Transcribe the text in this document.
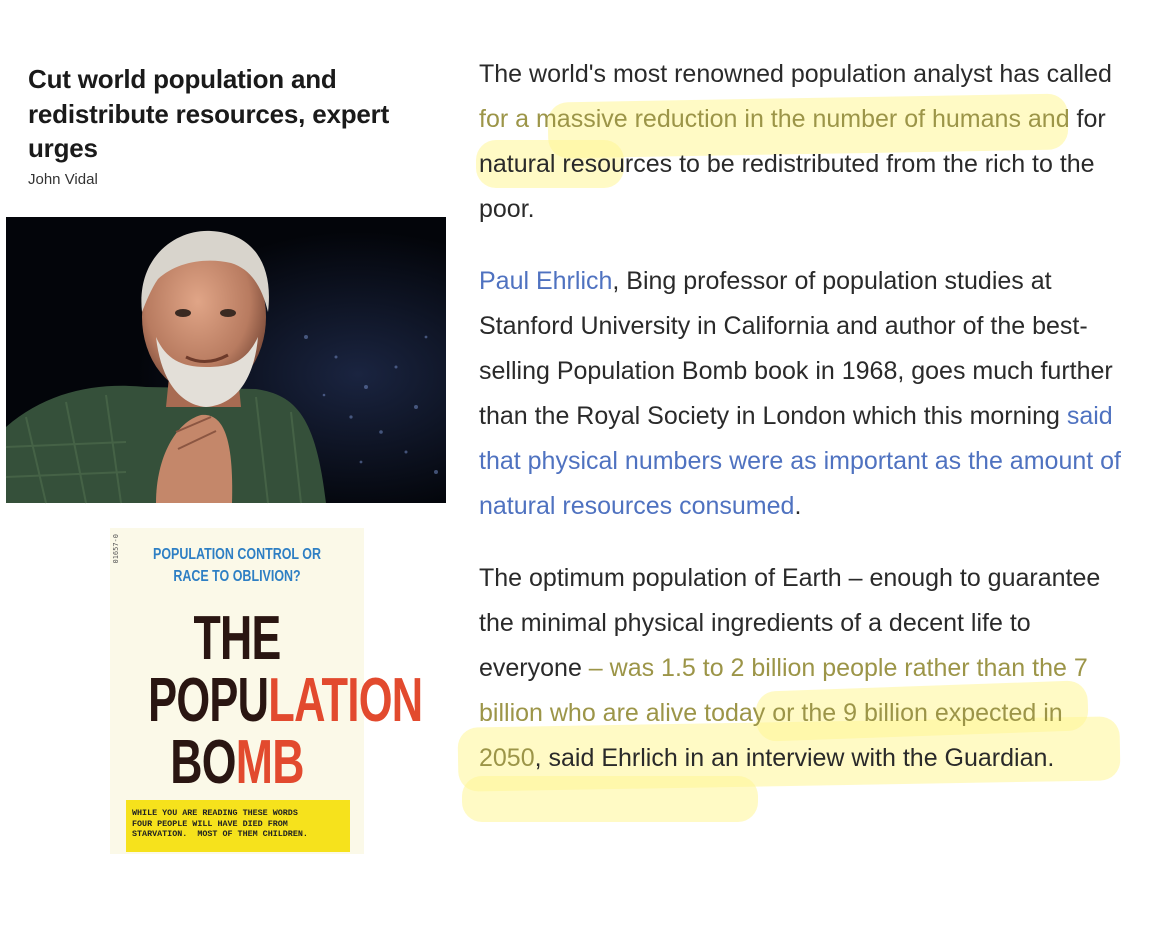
Cut world population and redistribute resources, expert urges
John Vidal
01657-0	POPULATION CONTROL OR
RACE TO OBLIVION?
THE
POPULATION
BOMB
WHILE YOU ARE READING THESE WORDS
FOUR PEOPLE WILL HAVE DIED FROM
STARVATION.  MOST OF THEM CHILDREN.

The world's most renowned population analyst has called for a massive reduction in the number of humans and for natural resources to be redistributed from the rich to the poor.

Paul Ehrlich, Bing professor of population studies at Stanford University in California and author of the best-selling Population Bomb book in 1968, goes much further than the Royal Society in London which this morning said that physical numbers were as important as the amount of natural resources consumed.

The optimum population of Earth – enough to guarantee the minimal physical ingredients of a decent life to everyone – was 1.5 to 2 billion people rather than the 7 billion who are alive today or the 9 billion expected in 2050, said Ehrlich in an interview with the Guardian.
